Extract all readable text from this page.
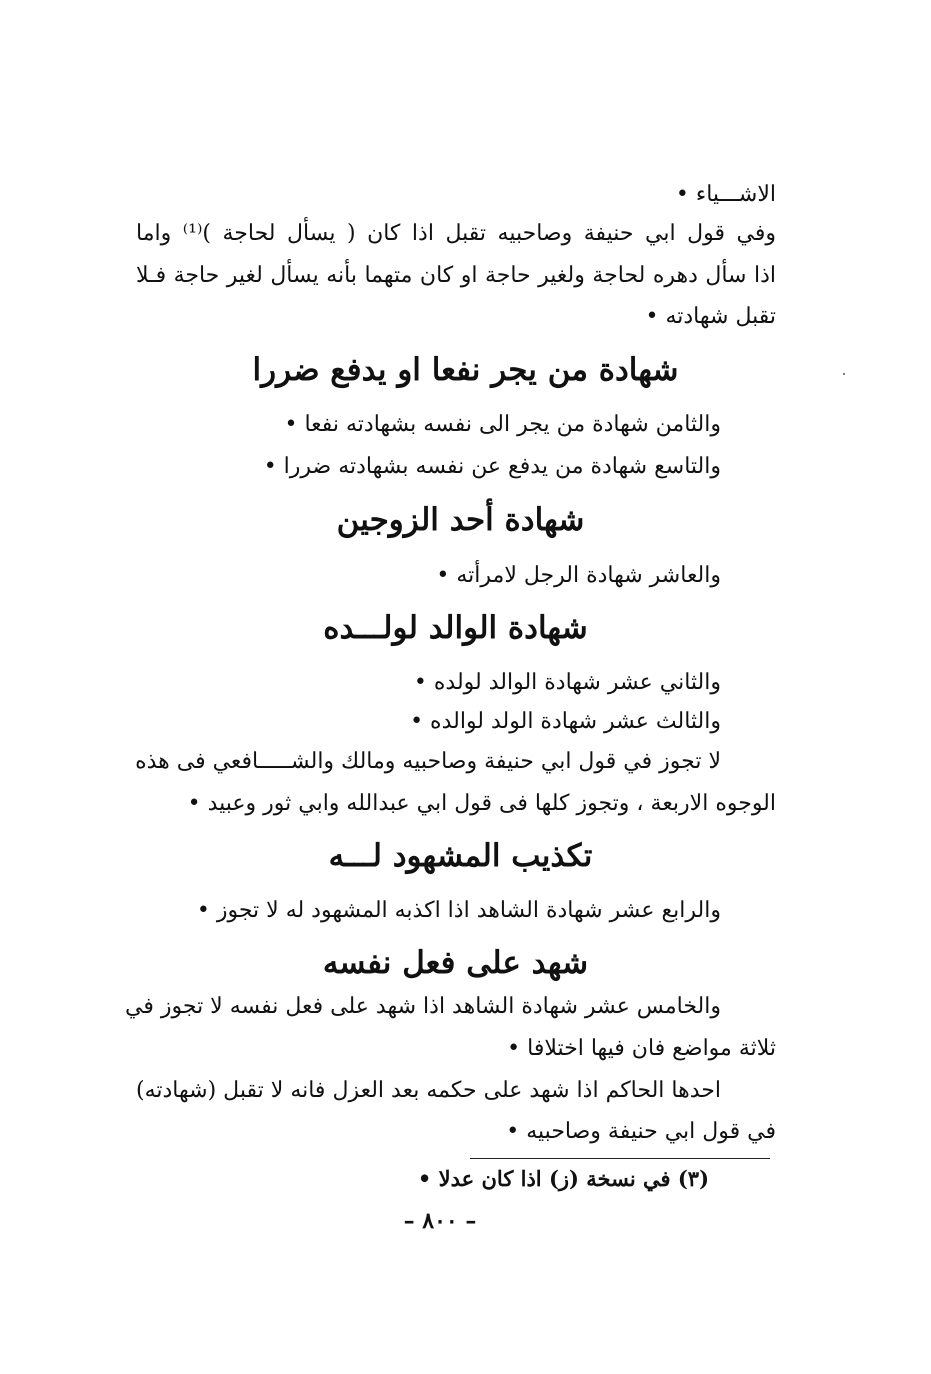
الاشـــياء •
وفي قول ابي حنيفة وصاحبيه تقبل اذا كان ( يسأل لحاجة )⁽¹⁾ واما
اذا سأل دهره لحاجة ولغير حاجة او كان متهما بأنه يسأل لغير حاجة فـلا
تقبل شهادته •
شهادة من يجر نفعا او يدفع ضررا
والثامن شهادة من يجر الى نفسه بشهادته نفعا •
والتاسع شهادة من يدفع عن نفسه بشهادته ضررا •
شهادة أحد الزوجين
والعاشر شهادة الرجل لامرأته •
شهادة الوالد لولـــده
والثاني عشر شهادة الوالد لولده •
والثالث عشر شهادة الولد لوالده •
لا تجوز في قول ابي حنيفة وصاحبيه ومالك والشـــــافعي فى هذه
الوجوه الاربعة ، وتجوز كلها فى قول ابي عبدالله وابي ثور وعبيد •
تكذيب المشهود لـــه
والرابع عشر شهادة الشاهد اذا اكذبه المشهود له لا تجوز •
شهد على فعل نفسه
والخامس عشر شهادة الشاهد اذا شهد على فعل نفسه لا تجوز في
ثلاثة مواضع فان فيها اختلافا •
احدها الحاكم اذا شهد على حكمه بعد العزل فانه لا تقبل (شهادته)
في قول ابي حنيفة وصاحبيه •
(٣) في نسخة (ز) اذا كان عدلا •
– ٨٠٠ –
